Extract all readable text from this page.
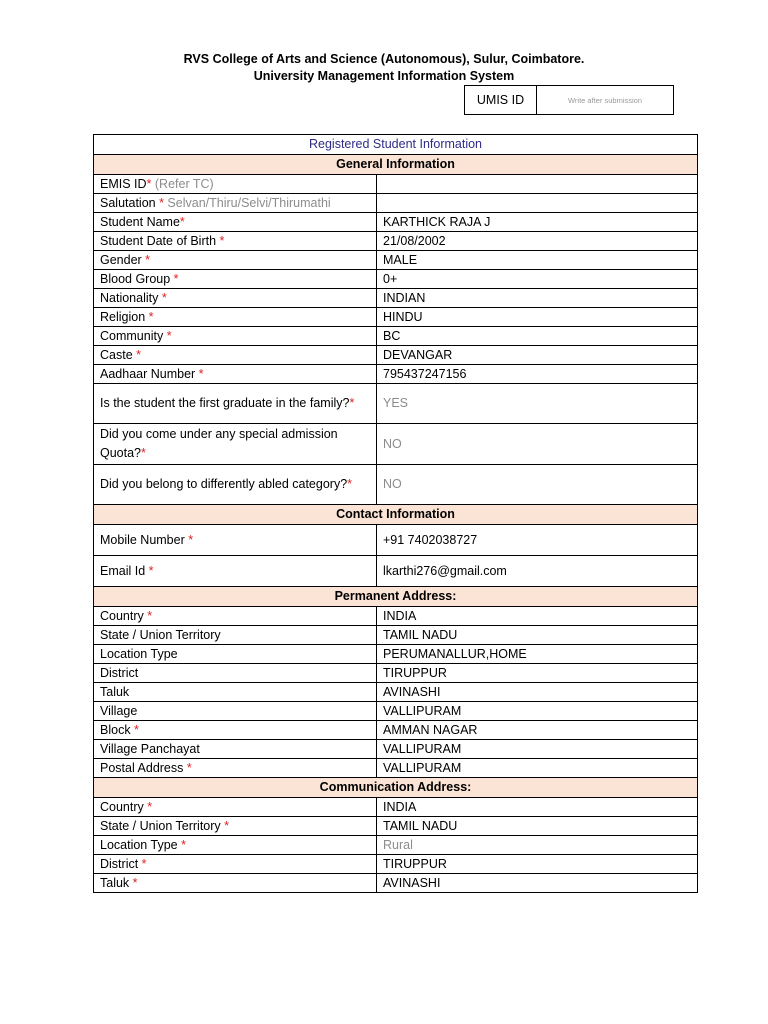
RVS College of Arts and Science (Autonomous), Sulur, Coimbatore.
University Management Information System
UMIS ID	Write after submission
Registered Student Information	
General Information	
EMIS ID* (Refer TC)	
Salutation * Selvan/Thiru/Selvi/Thirumathi	
Student Name*	KARTHICK RAJA J
Student Date of Birth *	21/08/2002
Gender *	MALE
Blood Group *	0+
Nationality *	INDIAN
Religion *	HINDU
Community *	BC
Caste *	DEVANGAR
Aadhaar Number *	795437247156
Is the student the first graduate in the family?*	YES
Did you come under any special admission Quota?*	NO
Did you belong to differently abled category?*	NO
Contact Information	
Mobile Number *	+91 7402038727
Email Id *	lkarthi276@gmail.com
Permanent Address:	
Country *	INDIA
State / Union Territory	TAMIL NADU
Location Type	PERUMANALLUR,HOME
District	TIRUPPUR
Taluk	AVINASHI
Village	VALLIPURAM
Block *	AMMAN NAGAR
Village Panchayat	VALLIPURAM
Postal Address *	VALLIPURAM
Communication Address:	
Country *	INDIA
State / Union Territory *	TAMIL NADU
Location Type *	Rural
District *	TIRUPPUR
Taluk *	AVINASHI
